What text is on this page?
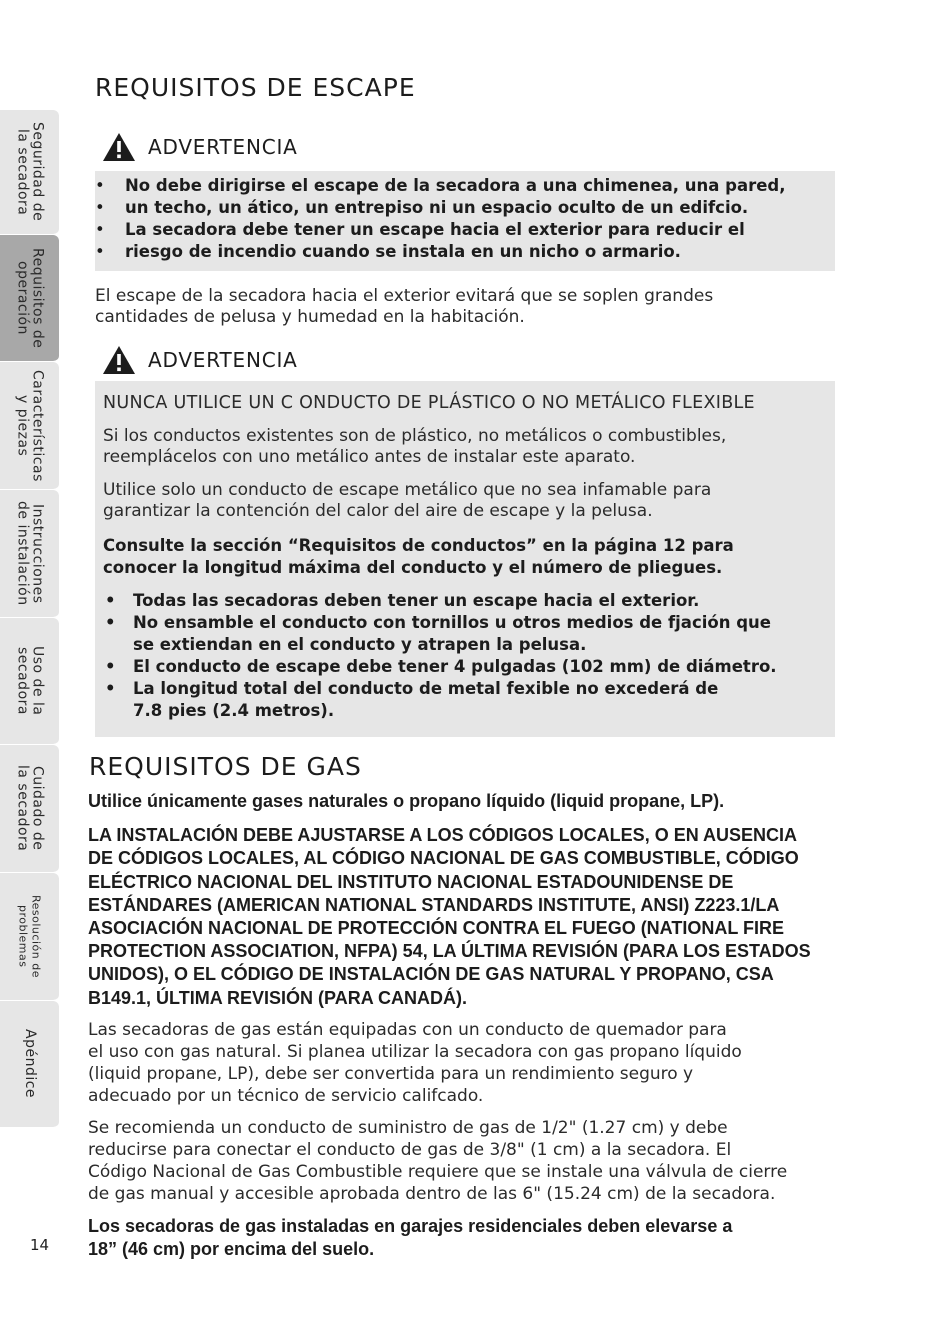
Seguridad de
la secadora
Requisitos de
operación
Características
y piezas
Instrucciones
de instalación
Uso de la
secadora
Cuidado de
la secadora
Resolución de
problemas
Apéndice
14
REQUISITOS DE ESCAPE
ADVERTENCIA
• No debe dirigirse el escape de la secadora a una chimenea, una pared,
• un techo, un ático, un entrepiso ni un espacio oculto de un edifcio.
• La secadora debe tener un escape hacia el exterior para reducir el
• riesgo de incendio cuando se instala en un nicho o armario.
El escape de la secadora hacia el exterior evitará que se soplen grandes
cantidades de pelusa y humedad en la habitación.
ADVERTENCIA
NUNCA UTILICE UN C ONDUCTO DE PLÁSTICO O NO METÁLICO FLEXIBLE
Si los conductos existentes son de plástico, no metálicos o combustibles,
reemplácelos con uno metálico antes de instalar este aparato.
Utilice solo un conducto de escape metálico que no sea infamable para
garantizar la contención del calor del aire de escape y la pelusa.
Consulte la sección “Requisitos de conductos” en la página 12 para
conocer la longitud máxima del conducto y el número de pliegues.
• Todas las secadoras deben tener un escape hacia el exterior.
• No ensamble el conducto con tornillos u otros medios de fjación que
se extiendan en el conducto y atrapen la pelusa.
• El conducto de escape debe tener 4 pulgadas (102 mm) de diámetro.
• La longitud total del conducto de metal fexible no excederá de
7.8 pies (2.4 metros).
REQUISITOS DE GAS
Utilice únicamente gases naturales o propano líquido (liquid propane, LP).
LA INSTALACIÓN DEBE AJUSTARSE A LOS CÓDIGOS LOCALES, O EN AUSENCIA
DE CÓDIGOS LOCALES, AL CÓDIGO NACIONAL DE GAS COMBUSTIBLE, CÓDIGO
ELÉCTRICO NACIONAL DEL INSTITUTO NACIONAL ESTADOUNIDENSE DE
ESTÁNDARES (AMERICAN NATIONAL STANDARDS INSTITUTE, ANSI) Z223.1/LA
ASOCIACIÓN NACIONAL DE PROTECCIÓN CONTRA EL FUEGO (NATIONAL FIRE
PROTECTION ASSOCIATION, NFPA) 54, LA ÚLTIMA REVISIÓN (PARA LOS ESTADOS
UNIDOS), O EL CÓDIGO DE INSTALACIÓN DE GAS NATURAL Y PROPANO, CSA
B149.1, ÚLTIMA REVISIÓN (PARA CANADÁ).
Las secadoras de gas están equipadas con un conducto de quemador para
el uso con gas natural. Si planea utilizar la secadora con gas propano líquido
(liquid propane, LP), debe ser convertida para un rendimiento seguro y
adecuado por un técnico de servicio califcado.
Se recomienda un conducto de suministro de gas de 1/2" (1.27 cm) y debe
reducirse para conectar el conducto de gas de 3/8" (1 cm) a la secadora. El
Código Nacional de Gas Combustible requiere que se instale una válvula de cierre
de gas manual y accesible aprobada dentro de las 6" (15.24 cm) de la secadora.
Los secadoras de gas instaladas en garajes residenciales deben elevarse a
18” (46 cm) por encima del suelo.
